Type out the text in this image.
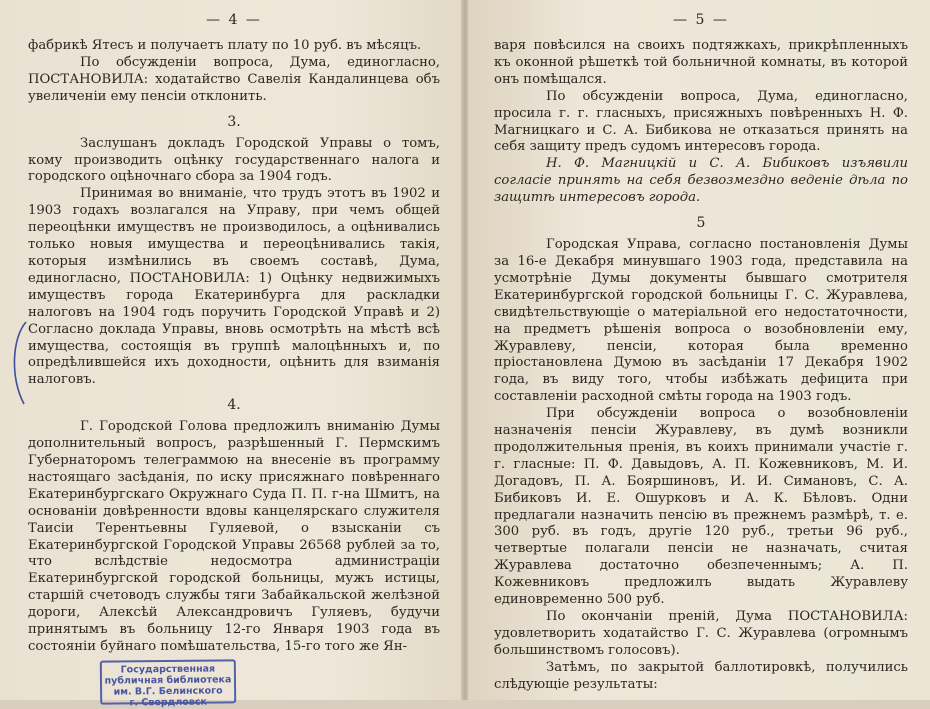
— 4 —

фабрикѣ Ятесъ и получаетъ плату по 10 руб. въ мѣсяцъ.

По обсужденіи вопроса, Дума, единогласно, ПОСТАНОВИЛА: ходатайство Савелія Кандалинцева объ увеличеніи ему пенсіи отклонить.

3.

Заслушанъ докладъ Городской Управы о томъ, кому производить оцѣнку государственнаго налога и городского оцѣночнаго сбора за 1904 годъ.

Принимая во вниманіе, что трудъ этотъ въ 1902 и 1903 годахъ возлагался на Управу, при чемъ общей переоцѣнки имуществъ не производилось, а оцѣнивались только новыя имущества и переоцѣнивались такія, которыя измѣнились въ своемъ составѣ, Дума, единогласно, ПОСТАНОВИЛА: 1) Оцѣнку недвижимыхъ имуществъ города Екатеринбурга для раскладки налоговъ на 1904 годъ поручить Городской Управѣ и 2) Согласно доклада Управы, вновь осмотрѣть на мѣстѣ всѣ имущества, состоящія въ группѣ малоцѣнныхъ и, по опредѣлившейся ихъ доходности, оцѣнить для взиманія налоговъ.

4.

Г. Городской Голова предложилъ вниманію Думы дополнительный вопросъ, разрѣшенный Г. Пермскимъ Губернаторомъ телеграммою на внесеніе въ программу настоящаго засѣданія, по иску присяжнаго повѣреннаго Екатеринбургскаго Окружнаго Суда П. П. г-на Шмитъ, на основаніи довѣренности вдовы канцелярскаго служителя Таисіи Терентьевны Гуляевой, о взысканіи съ Екатеринбургской Городской Управы 26568 рублей за то, что вслѣдствіе недосмотра администраціи Екатеринбургской городской больницы, мужъ истицы, старшій счетоводъ службы тяги Забайкальской желѣзной дороги, Алексѣй Александровичъ Гуляевъ, будучи принятымъ въ больницу 12-го Января 1903 года въ состояніи буйнаго помѣшательства, 15-го того же Ян-

— 5 —

варя повѣсился на своихъ подтяжкахъ, прикрѣпленныхъ къ оконной рѣшеткѣ той больничной комнаты, въ которой онъ помѣщался.

По обсужденіи вопроса, Дума, единогласно, просила г. г. гласныхъ, присяжныхъ повѣренныхъ Н. Ф. Магницкаго и С. А. Бибикова не отказаться принять на себя защиту предъ судомъ интересовъ города.

Н. Ф. Магницкій и С. А. Бибиковъ изъявили согласіе принять на себя безвозмездно веденіе дѣла по защитѣ интересовъ города.

5

Городская Управа, согласно постановленія Думы за 16-е Декабря минувшаго 1903 года, представила на усмотрѣніе Думы документы бывшаго смотрителя Екатеринбургской городской больницы Г. С. Журавлева, свидѣтельствующіе о матеріальной его недостаточности, на предметъ рѣшенія вопроса о возобновленіи ему, Журавлеву, пенсіи, которая была временно пріостановлена Думою въ засѣданіи 17 Декабря 1902 года, въ виду того, чтобы избѣжать дефицита при составленіи расходной смѣты города на 1903 годъ.

При обсужденіи вопроса о возобновленіи назначенія пенсіи Журавлеву, въ думѣ возникли продолжительныя пренія, въ коихъ принимали участіе г. г. гласные: П. Ф. Давыдовъ, А. П. Кожевниковъ, М. И. Догадовъ, П. А. Бояршиновъ, И. И. Симановъ, С. А. Бибиковъ И. Е. Ошурковъ и А. К. Бѣловъ. Одни предлагали назначить пенсію въ прежнемъ размѣрѣ, т. е. 300 руб. въ годъ, другіе 120 руб., третьи 96 руб., четвертые полагали пенсіи не назначать, считая Журавлева достаточно обезпеченнымъ; А. П. Кожевниковъ предложилъ выдать Журавлеву единовременно 500 руб.

По окончаніи преній, Дума ПОСТАНОВИЛА: удовлетворить ходатайство Г. С. Журавлева (огромнымъ большинствомъ голосовъ).

Затѣмъ, по закрытой баллотировкѣ, получились слѣдующіе результаты:

Государственная
публичная библиотека
им. В.Г. Белинского
г. Свердловск
